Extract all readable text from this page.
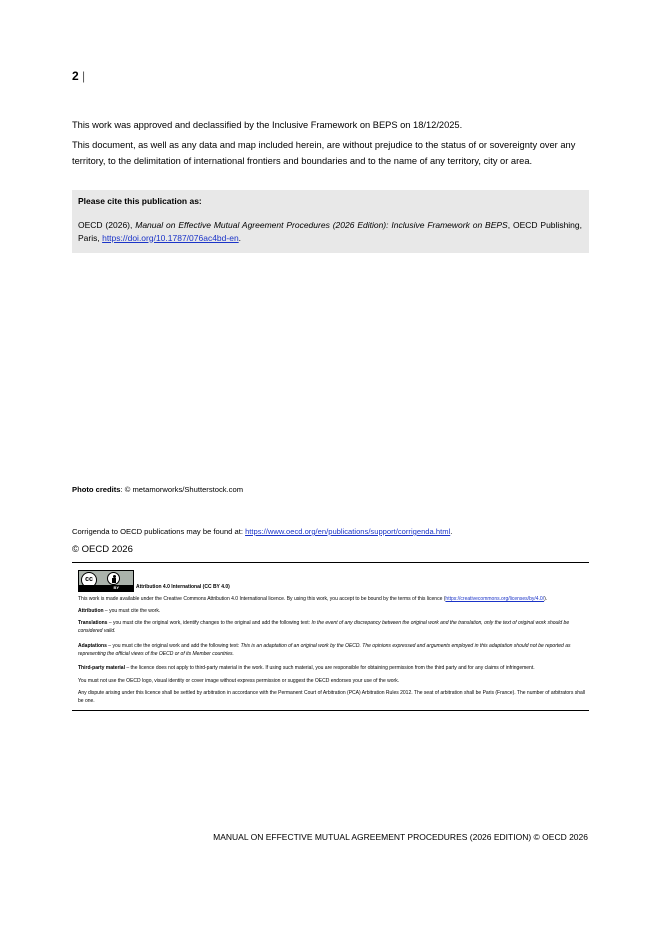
2 |
This work was approved and declassified by the Inclusive Framework on BEPS on 18/12/2025.
This document, as well as any data and map included herein, are without prejudice to the status of or sovereignty over any territory, to the delimitation of international frontiers and boundaries and to the name of any territory, city or area.
Please cite this publication as:
OECD (2026), Manual on Effective Mutual Agreement Procedures (2026 Edition): Inclusive Framework on BEPS, OECD Publishing, Paris, https://doi.org/10.1787/076ac4bd-en.
Photo credits: © metamorworks/Shutterstock.com
Corrigenda to OECD publications may be found at: https://www.oecd.org/en/publications/support/corrigenda.html.
© OECD 2026
cc
BY	Attribution 4.0 International (CC BY 4.0)
This work is made available under the Creative Commons Attribution 4.0 International licence. By using this work, you accept to be bound by the terms of this licence (https://creativecommons.org/licenses/by/4.0/).
Attribution – you must cite the work.
Translations – you must cite the original work, identify changes to the original and add the following text: In the event of any discrepancy between the original work and the translation, only the text of original work should be considered valid.
Adaptations – you must cite the original work and add the following text: This is an adaptation of an original work by the OECD. The opinions expressed and arguments employed in this adaptation should not be reported as representing the official views of the OECD or of its Member countries.
Third-party material – the licence does not apply to third-party material in the work. If using such material, you are responsible for obtaining permission from the third party and for any claims of infringement.
You must not use the OECD logo, visual identity or cover image without express permission or suggest the OECD endorses your use of the work.
Any dispute arising under this licence shall be settled by arbitration in accordance with the Permanent Court of Arbitration (PCA) Arbitration Rules 2012. The seat of arbitration shall be Paris (France). The number of arbitrators shall be one.
MANUAL ON EFFECTIVE MUTUAL AGREEMENT PROCEDURES (2026 EDITION) © OECD 2026
